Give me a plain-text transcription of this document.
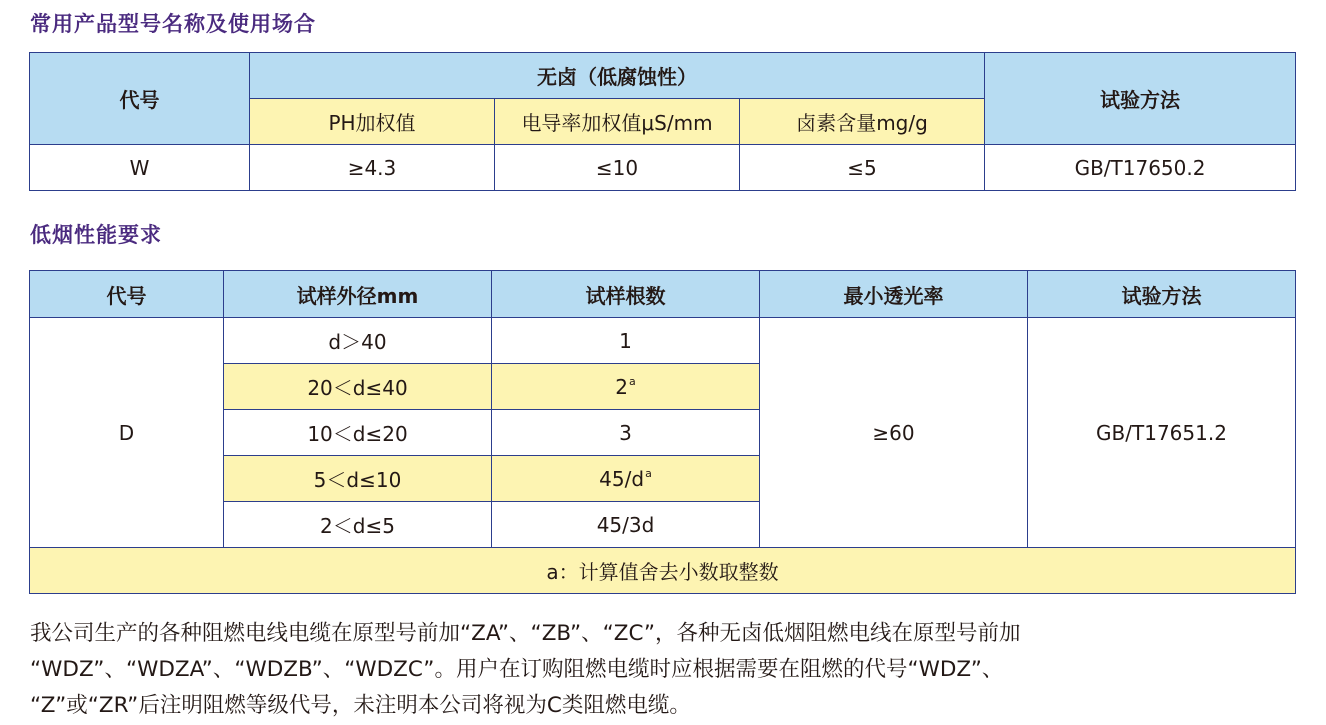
常用产品型号名称及使用场合
代号	无卤（低腐蚀性）			试验方法
	PH加权值	电导率加权值μS/mm	卤素含量mg/g	
W	≥4.3	≤10	≤5	GB/T17650.2
低烟性能要求
代号	试样外径mm	试样根数	最小透光率	试验方法
D	d＞40	1	≥60	GB/T17651.2
	20＜d≤40	2$^a$
	10＜d≤20	3		
	5＜d≤10	$45/d^a$
	2＜d≤5	45/3d		
a：计算值舍去小数取整数				
我公司生产的各种阻燃电线电缆在原型号前加“ZA”、“ZB”、“ZC”，各种无卤低烟阻燃电线在原型号前加
“WDZ”、“WDZA”、“WDZB”、“WDZC”。用户在订购阻燃电缆时应根据需要在阻燃的代号“WDZ”、
“Z”或“ZR”后注明阻燃等级代号，未注明本公司将视为C类阻燃电缆。
